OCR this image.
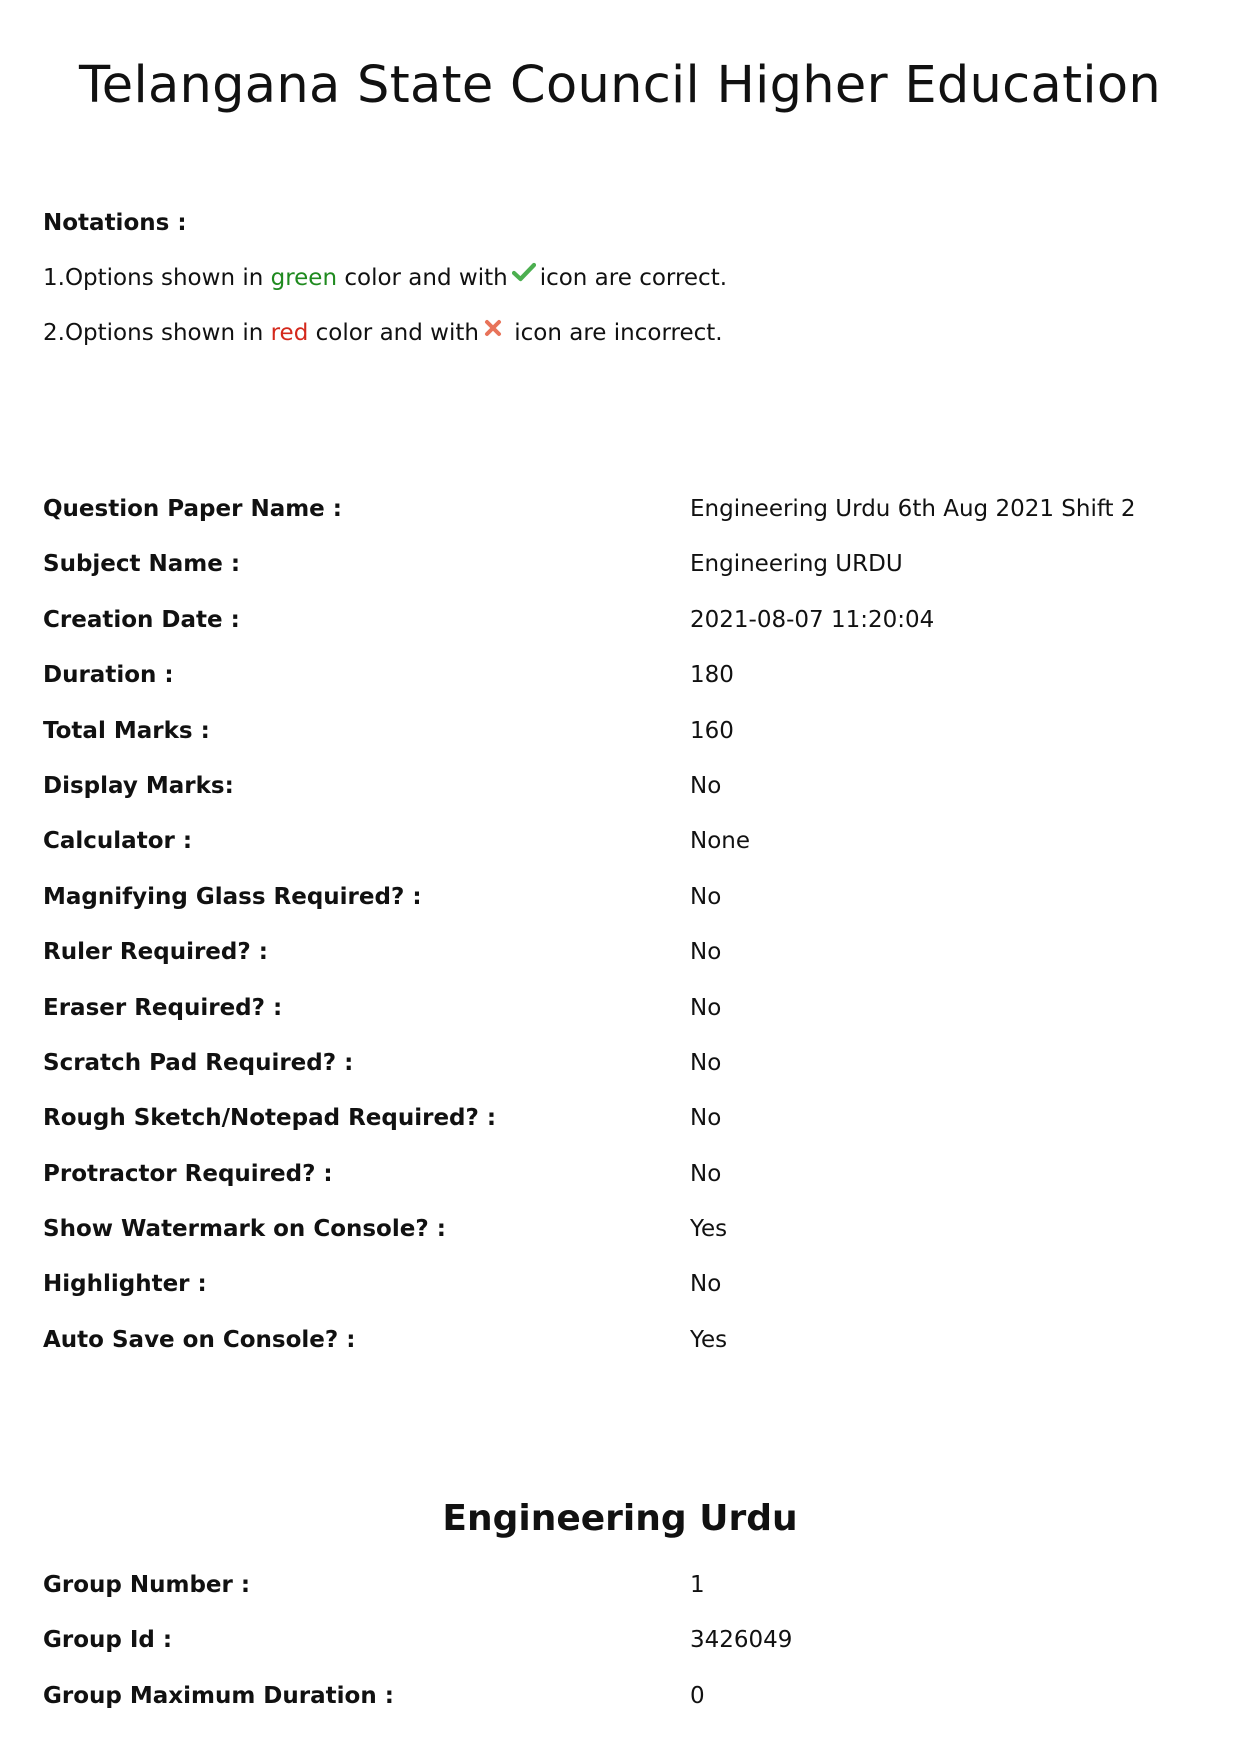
Telangana State Council Higher Education
Notations :
1.Options shown in green color and with icon are correct.
2.Options shown in red color and with icon are incorrect.
Question Paper Name :	Engineering Urdu 6th Aug 2021 Shift 2
Subject Name :	Engineering URDU
Creation Date :	2021-08-07 11:20:04
Duration :	180
Total Marks :	160
Display Marks:	No
Calculator :	None
Magnifying Glass Required? :	No
Ruler Required? :	No
Eraser Required? :	No
Scratch Pad Required? :	No
Rough Sketch/Notepad Required? :	No
Protractor Required? :	No
Show Watermark on Console? :	Yes
Highlighter :	No
Auto Save on Console? :	Yes
Engineering Urdu
Group Number :	1
Group Id :	3426049
Group Maximum Duration :	0
